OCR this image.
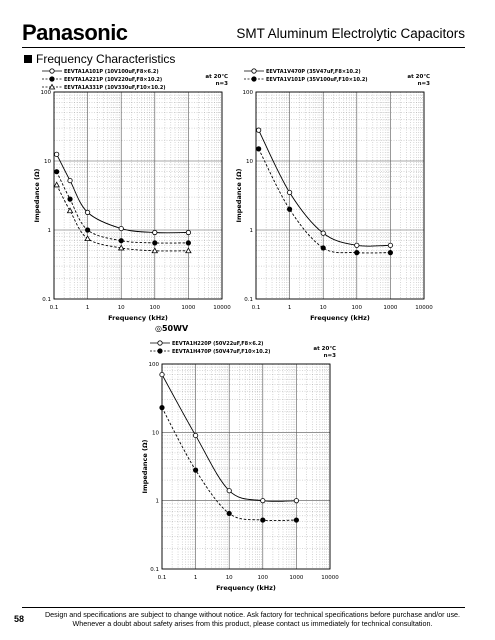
Panasonic	SMT Aluminum Electrolytic Capacitors
Frequency Characteristics
0.1	1	10	100	1000	10000
0.1
1
10
100
Frequency (kHz)
Impedance (Ω)
EEVTA1A101P (10V100uF,F8×6.2)
EEVTA1A221P (10V220uF,F8×10.2)
EEVTA1A331P (10V330uF,F10×10.2)
at 20℃
n=3
0.1	1	10	100	1000	10000
0.1
1
10
100
Frequency (kHz)
Impedance (Ω)
EEVTA1V470P (35V47uF,F8×10.2)
EEVTA1V101P (35V100uF,F10×10.2)	at 20℃
n=3
◎50WV
0.1	1	10	100	1000	10000
0.1
1
10
100
Frequency (kHz)
Impedance (Ω)
EEVTA1H220P (50V22uF,F8×6.2)
EEVTA1H470P (50V47uF,F10×10.2)	at 20℃
n=3
58	Design and specifications are subject to change without notice. Ask factory for technical specifications before purchase and/or use.
Whenever a doubt about safety arises from this product, please contact us immediately for technical consultation.
